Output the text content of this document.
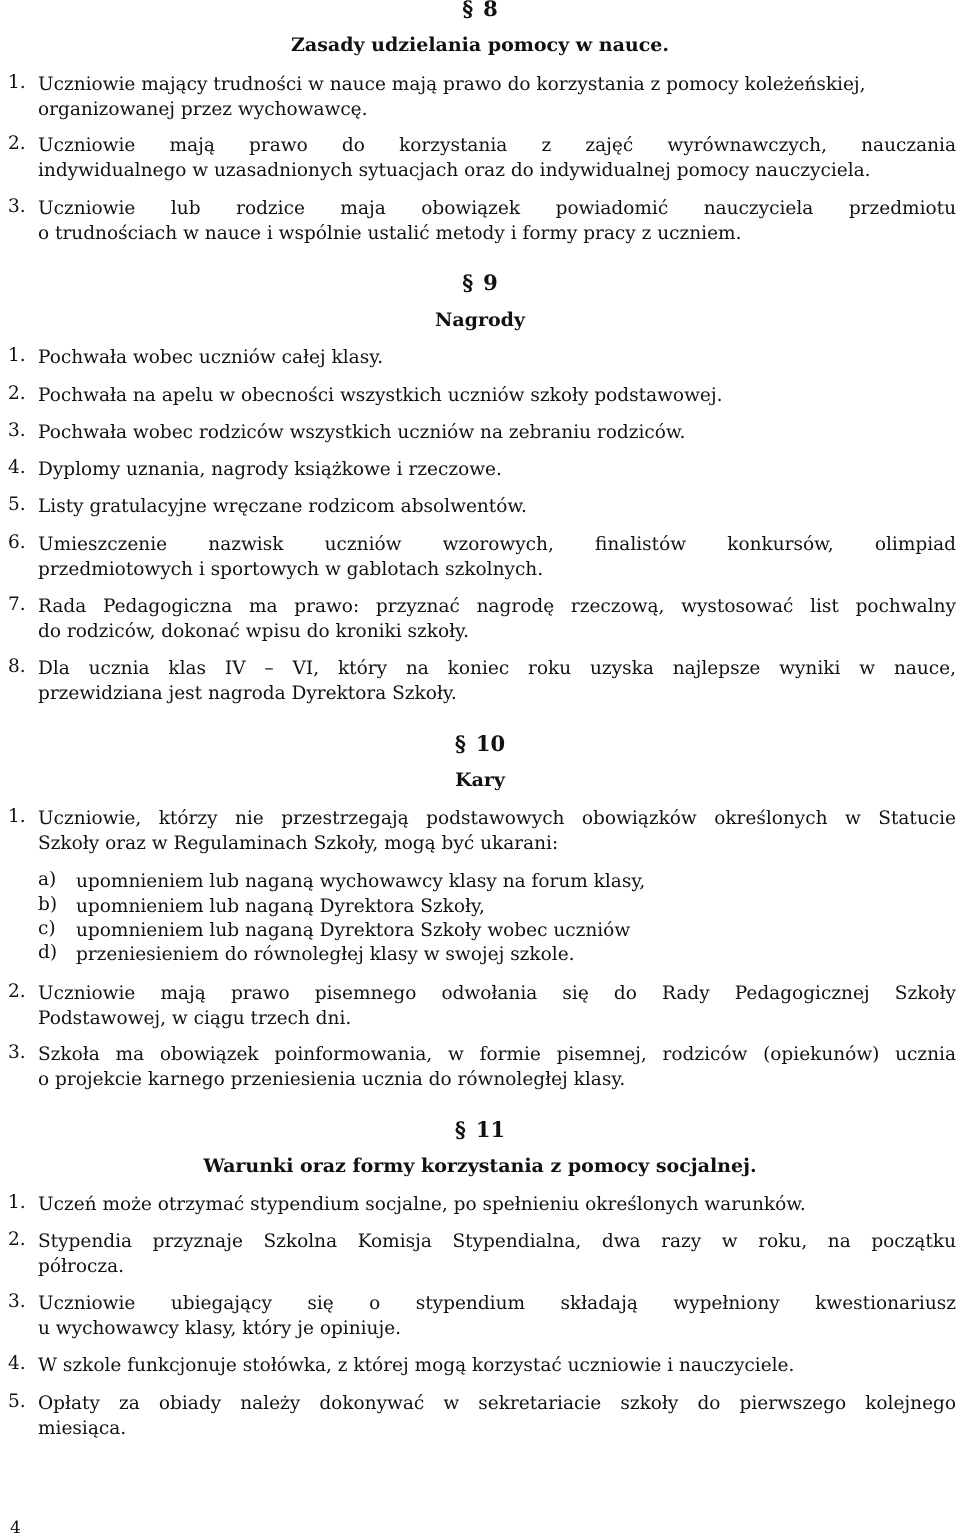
§ 8
Zasady udzielania pomocy w nauce.
1. Uczniowie mający trudności w nauce mają prawo do korzystania z pomocy koleżeńskiej,
organizowanej przez wychowawcę.
2. Uczniowie mają prawo do korzystania z zajęć wyrównawczych, nauczania
indywidualnego w uzasadnionych sytuacjach oraz do indywidualnej pomocy nauczyciela.
3. Uczniowie lub rodzice maja obowiązek powiadomić nauczyciela przedmiotu
o trudnościach w nauce i wspólnie ustalić metody i formy pracy z uczniem.
§ 9
Nagrody
1. Pochwała wobec uczniów całej klasy.
2. Pochwała na apelu w obecności wszystkich uczniów szkoły podstawowej.
3. Pochwała wobec rodziców wszystkich uczniów na zebraniu rodziców.
4. Dyplomy uznania, nagrody książkowe i rzeczowe.
5. Listy gratulacyjne wręczane rodzicom absolwentów.
6. Umieszczenie nazwisk uczniów wzorowych, finalistów konkursów, olimpiad
przedmiotowych i sportowych w gablotach szkolnych.
7. Rada Pedagogiczna ma prawo: przyznać nagrodę rzeczową, wystosować list pochwalny
do rodziców, dokonać wpisu do kroniki szkoły.
8. Dla ucznia klas IV – VI, który na koniec roku uzyska najlepsze wyniki w nauce,
przewidziana jest nagroda Dyrektora Szkoły.
§ 10
Kary
1. Uczniowie, którzy nie przestrzegają podstawowych obowiązków określonych w Statucie
Szkoły oraz w Regulaminach Szkoły, mogą być ukarani:
a) upomnieniem lub naganą wychowawcy klasy na forum klasy,
b) upomnieniem lub naganą Dyrektora Szkoły,
c) upomnieniem lub naganą Dyrektora Szkoły wobec uczniów
d) przeniesieniem do równoległej klasy w swojej szkole.
2. Uczniowie mają prawo pisemnego odwołania się do Rady Pedagogicznej Szkoły
Podstawowej, w ciągu trzech dni.
3. Szkoła ma obowiązek poinformowania, w formie pisemnej, rodziców (opiekunów) ucznia
o projekcie karnego przeniesienia ucznia do równoległej klasy.
§ 11
Warunki oraz formy korzystania z pomocy socjalnej.
1. Uczeń może otrzymać stypendium socjalne, po spełnieniu określonych warunków.
2. Stypendia przyznaje Szkolna Komisja Stypendialna, dwa razy w roku, na początku
półrocza.
3. Uczniowie ubiegający się o stypendium składają wypełniony kwestionariusz
u wychowawcy klasy, który je opiniuje.
4. W szkole funkcjonuje stołówka, z której mogą korzystać uczniowie i nauczyciele.
5. Opłaty za obiady należy dokonywać w sekretariacie szkoły do pierwszego kolejnego
miesiąca.
4
